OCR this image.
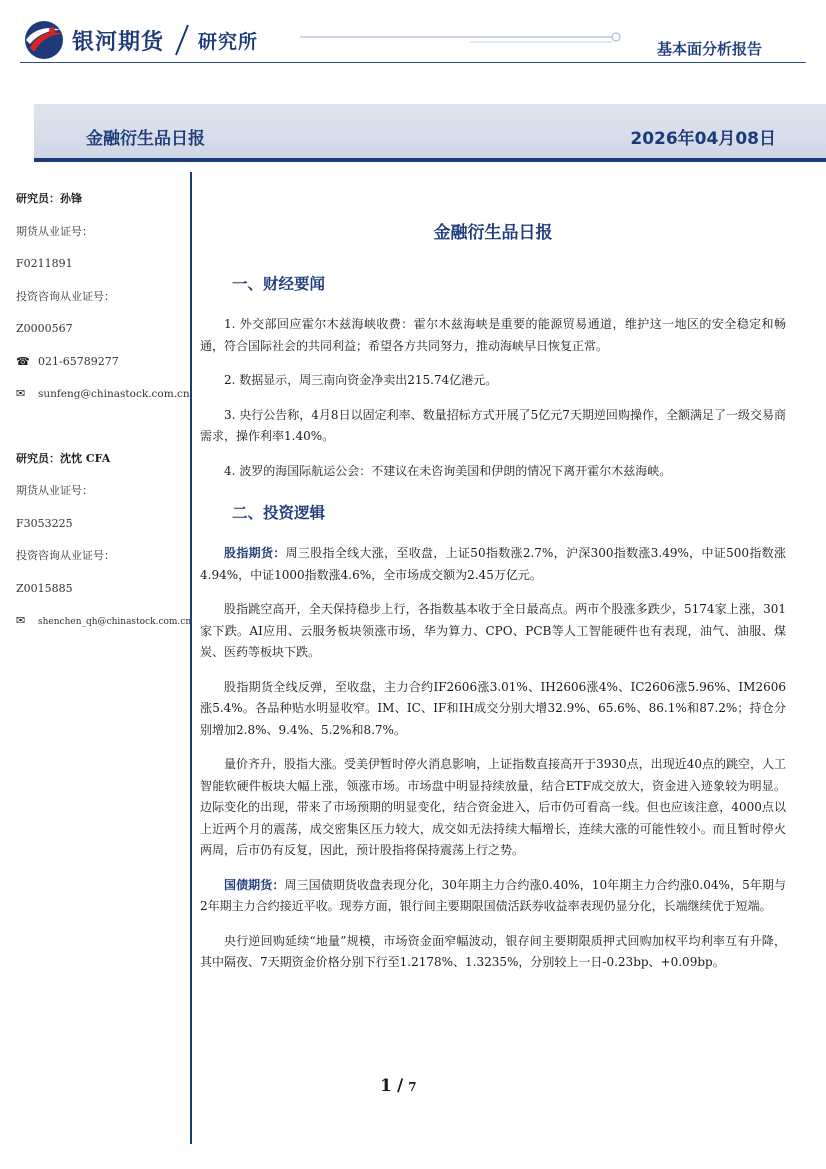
银河期货 研究所	基本面分析报告
金融衍生品日报	2026年04月08日
研究员：孙锋
期货从业证号：
F0211891
投资咨询从业证号：
Z0000567
☎ 021-65789277
✉ sunfeng@chinastock.com.cn
研究员：沈忱 CFA
期货从业证号：
F3053225
投资咨询从业证号：
Z0015885
✉ shenchen_qh@chinastock.com.cn
金融衍生品日报
一、财经要闻

1. 外交部回应霍尔木兹海峡收费：霍尔木兹海峡是重要的能源贸易通道，维护这一地区的安全稳定和畅通，符合国际社会的共同利益；希望各方共同努力，推动海峡早日恢复正常。

2. 数据显示，周三南向资金净卖出215.74亿港元。

3. 央行公告称，4月8日以固定利率、数量招标方式开展了5亿元7天期逆回购操作，全额满足了一级交易商需求，操作利率1.40%。

4. 波罗的海国际航运公会：不建议在未咨询美国和伊朗的情况下离开霍尔木兹海峡。

二、投资逻辑

股指期货：周三股指全线大涨，至收盘，上证50指数涨2.7%，沪深300指数涨3.49%，中证500指数涨4.94%，中证1000指数涨4.6%，全市场成交额为2.45万亿元。

股指跳空高开，全天保持稳步上行，各指数基本收于全日最高点。两市个股涨多跌少，5174家上涨，301家下跌。AI应用、云服务板块领涨市场，华为算力、CPO、PCB等人工智能硬件也有表现，油气、油服、煤炭、医药等板块下跌。

股指期货全线反弹，至收盘，主力合约IF2606涨3.01%、IH2606涨4%、IC2606涨5.96%、IM2606涨5.4%。各品种贴水明显收窄。IM、IC、IF和IH成交分别大增32.9%、65.6%、86.1%和87.2%；持仓分别增加2.8%、9.4%、5.2%和8.7%。

量价齐升，股指大涨。受美伊暂时停火消息影响，上证指数直接高开于3930点，出现近40点的跳空，人工智能软硬件板块大幅上涨，领涨市场。市场盘中明显持续放量，结合ETF成交放大，资金进入迹象较为明显。边际变化的出现，带来了市场预期的明显变化，结合资金进入，后市仍可看高一线。但也应该注意，4000点以上近两个月的震荡，成交密集区压力较大，成交如无法持续大幅增长，连续大涨的可能性较小。而且暂时停火两周，后市仍有反复，因此，预计股指将保持震荡上行之势。

国债期货：周三国债期货收盘表现分化，30年期主力合约涨0.40%，10年期主力合约涨0.04%，5年期与2年期主力合约接近平收。现券方面，银行间主要期限国债活跃券收益率表现仍显分化，长端继续优于短端。

央行逆回购延续“地量”规模，市场资金面窄幅波动，银存间主要期限质押式回购加权平均利率互有升降，其中隔夜、7天期资金价格分别下行至1.2178%、1.3235%，分别较上一日-0.23bp、+0.09bp。

1 / 7
